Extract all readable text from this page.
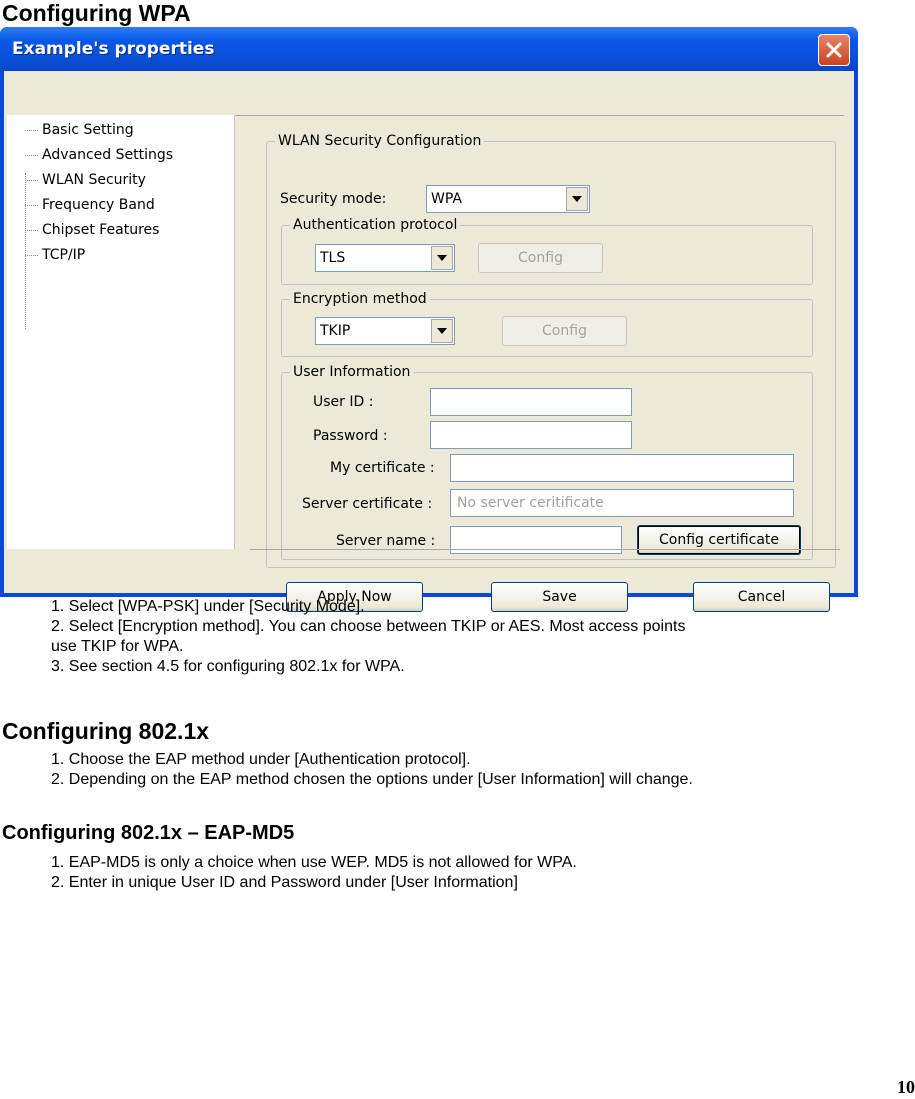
Configuring WPA
Example's properties
Basic Setting
Advanced Settings
WLAN Security
Frequency Band
Chipset Features
TCP/IP
WLAN Security Configuration
Security mode:	WPA
Authentication protocol
TLS	Config
Encryption method
TKIP	Config
User Information
User ID :
Password :
My certificate :
Server certificate :	No server ceritificate
Server name :	Config certificate
Apply Now	Save	Cancel
1. Select [WPA-PSK] under [Security Mode].
2. Select [Encryption method]. You can choose between TKIP or AES. Most access points
use TKIP for WPA.
3. See section 4.5 for configuring 802.1x for WPA.
Configuring 802.1x
1. Choose the EAP method under [Authentication protocol].
2. Depending on the EAP method chosen the options under [User Information] will change.
Configuring 802.1x – EAP-MD5
1. EAP-MD5 is only a choice when use WEP. MD5 is not allowed for WPA.
2. Enter in unique User ID and Password under [User Information]
10
